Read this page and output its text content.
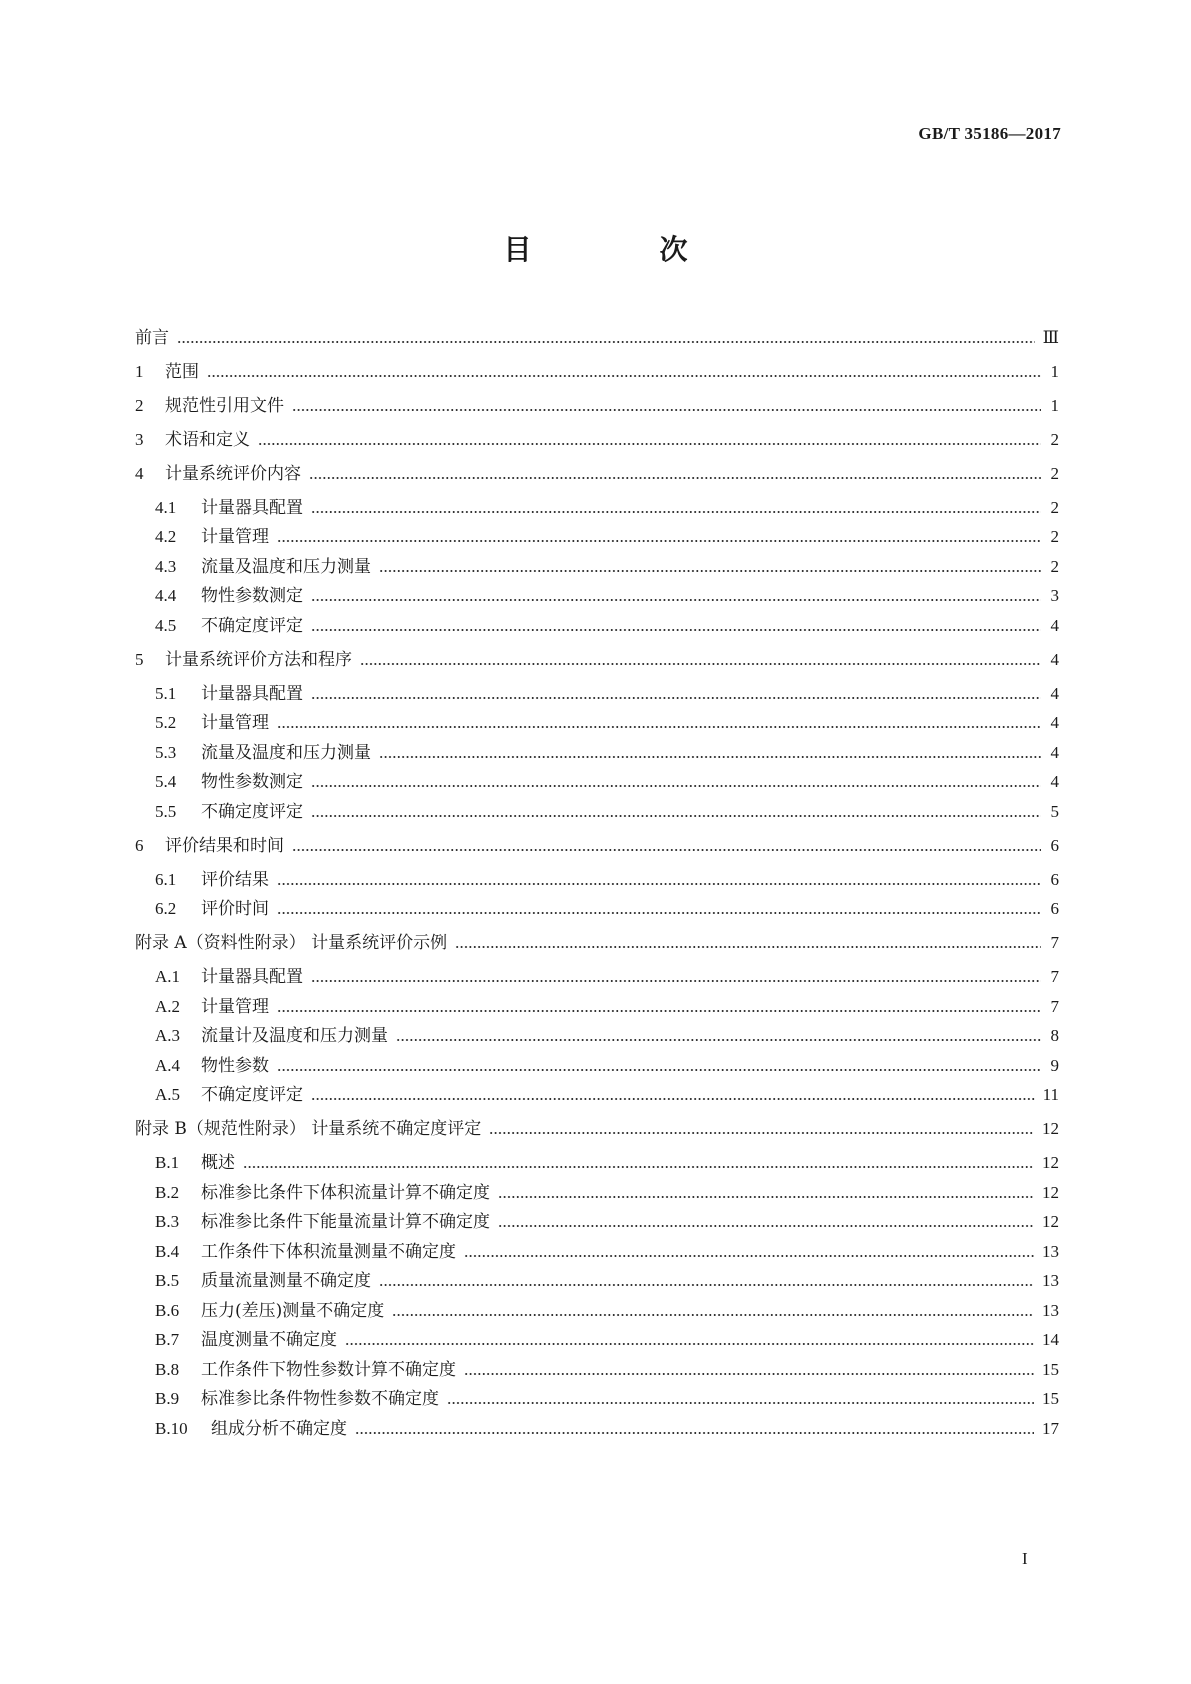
GB/T 35186—2017
目　次
前言	Ⅲ
1	范围	1
2	规范性引用文件	1
3	术语和定义	2
4	计量系统评价内容	2
4.1	计量器具配置	2
4.2	计量管理	2
4.3	流量及温度和压力测量	2
4.4	物性参数测定	3
4.5	不确定度评定	4
5	计量系统评价方法和程序	4
5.1	计量器具配置	4
5.2	计量管理	4
5.3	流量及温度和压力测量	4
5.4	物性参数测定	4
5.5	不确定度评定	5
6	评价结果和时间	6
6.1	评价结果	6
6.2	评价时间	6
附录 A（资料性附录） 计量系统评价示例	7
A.1	计量器具配置	7
A.2	计量管理	7
A.3	流量计及温度和压力测量	8
A.4	物性参数	9
A.5	不确定度评定	11
附录 B（规范性附录） 计量系统不确定度评定	12
B.1	概述	12
B.2	标准参比条件下体积流量计算不确定度	12
B.3	标准参比条件下能量流量计算不确定度	12
B.4	工作条件下体积流量测量不确定度	13
B.5	质量流量测量不确定度	13
B.6	压力(差压)测量不确定度	13
B.7	温度测量不确定度	14
B.8	工作条件下物性参数计算不确定度	15
B.9	标准参比条件物性参数不确定度	15
B.10	组成分析不确定度	17
I
